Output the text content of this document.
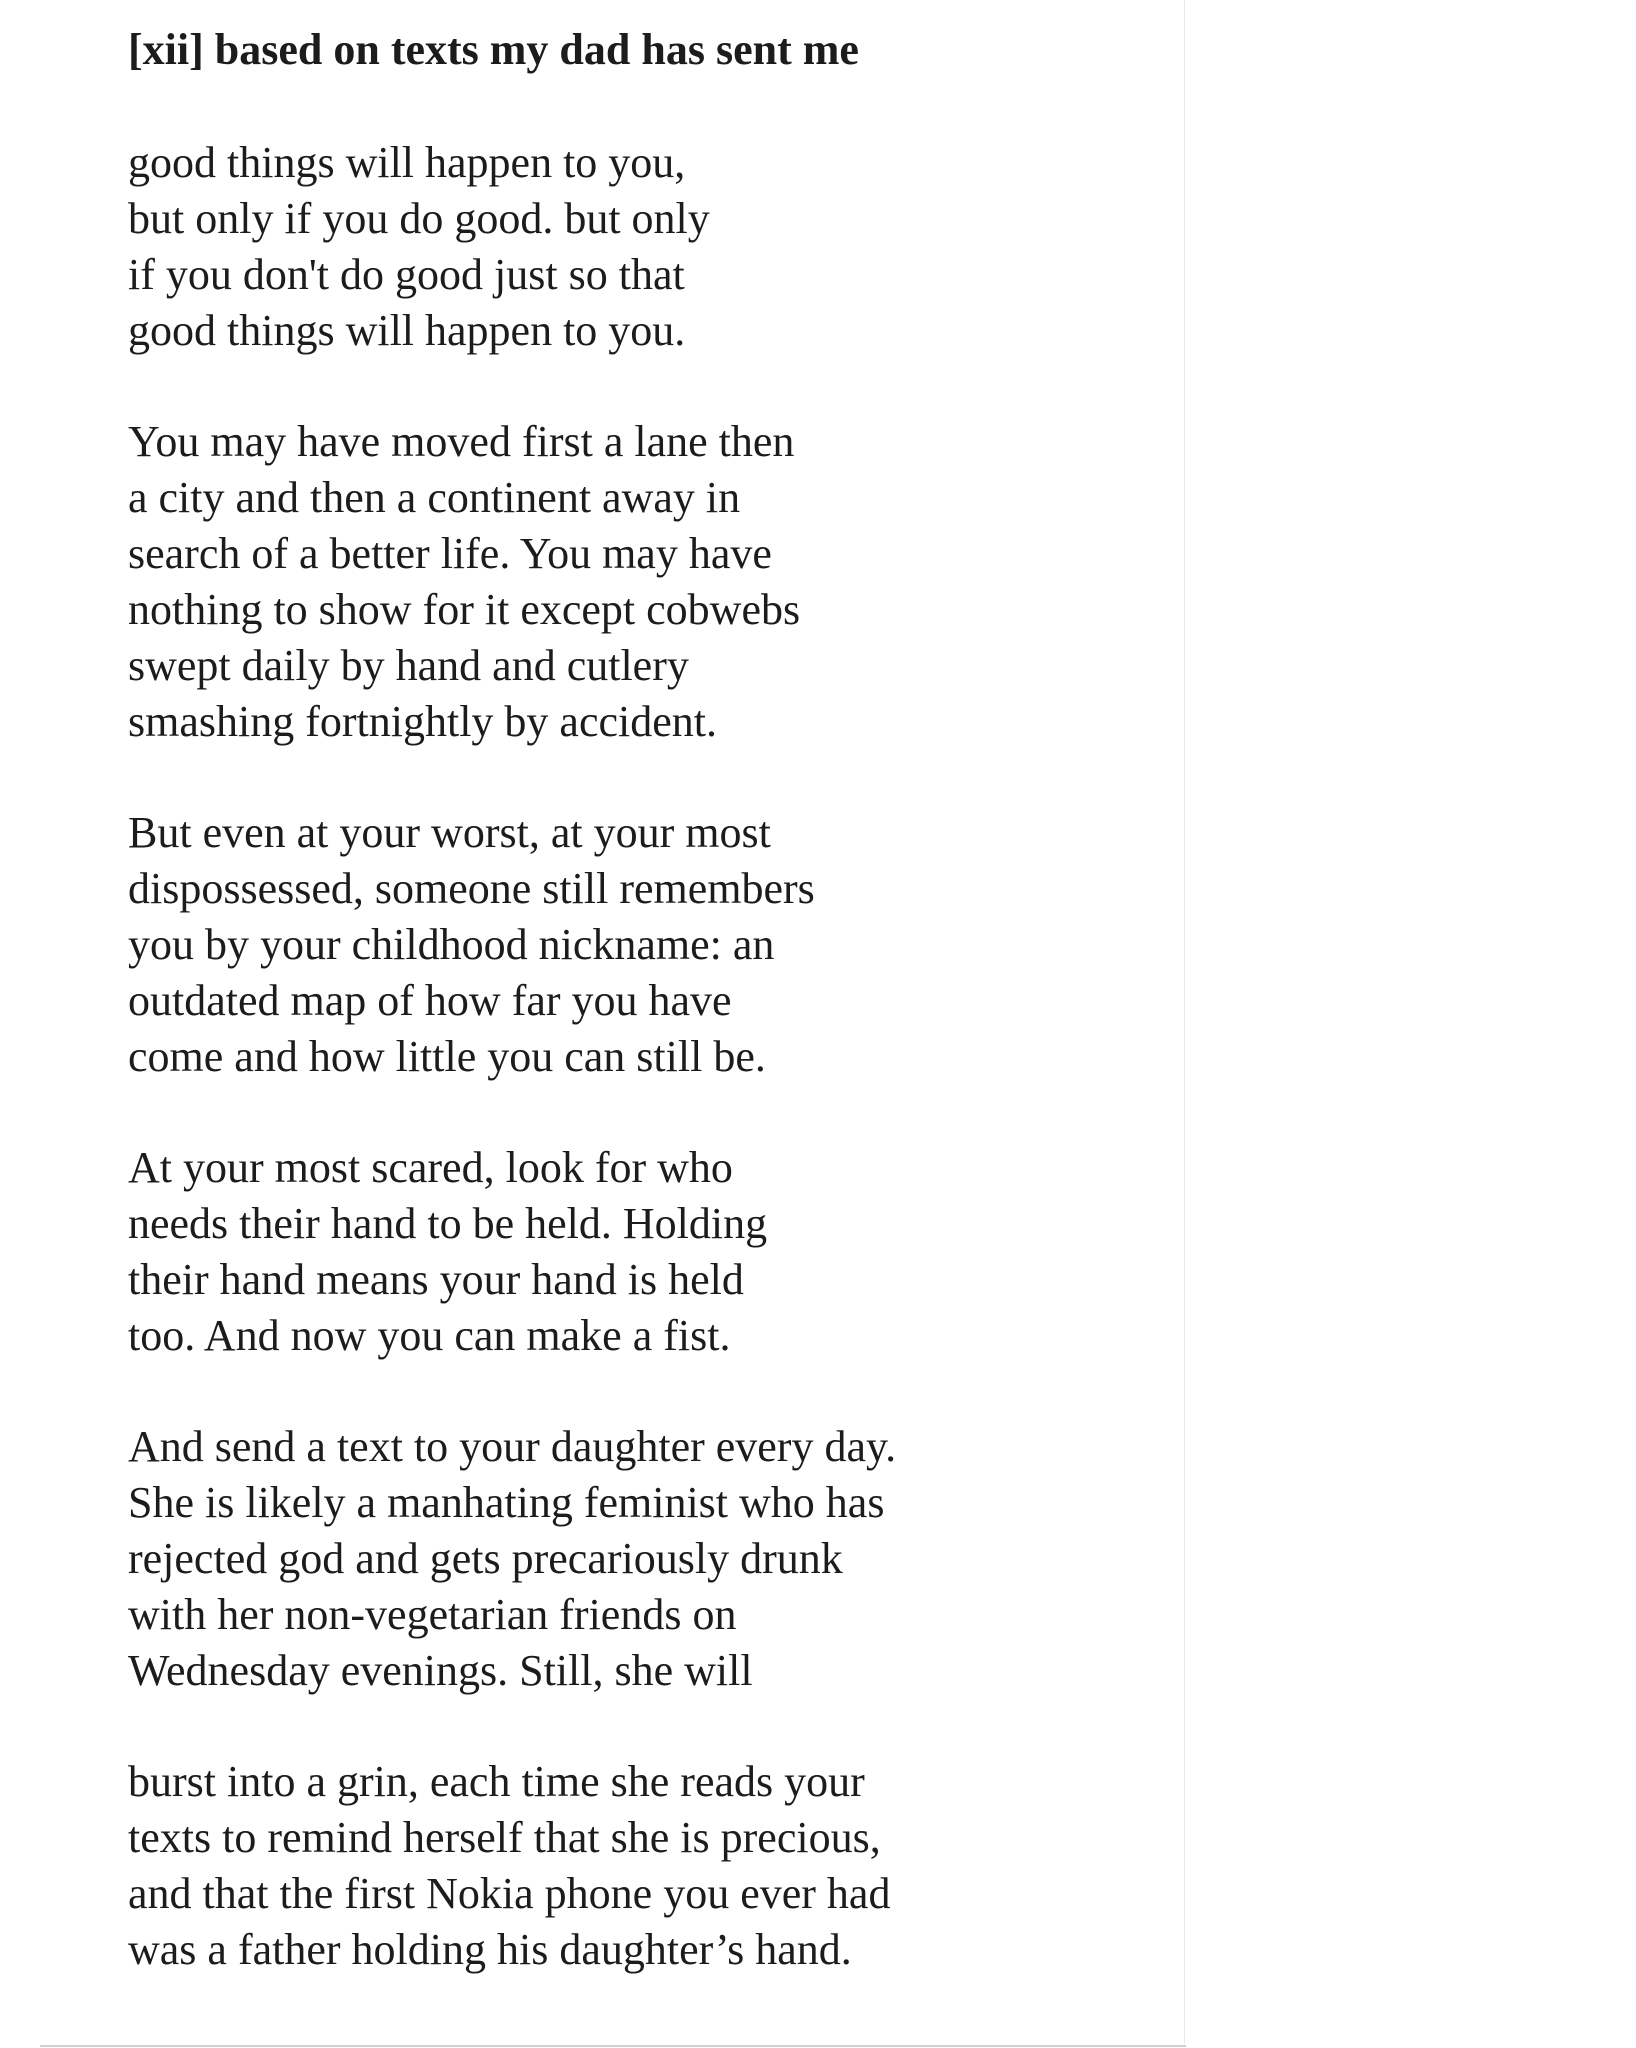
[xii] based on texts my dad has sent me

good things will happen to you,
but only if you do good. but only
if you don't do good just so that
good things will happen to you.

You may have moved first a lane then
a city and then a continent away in
search of a better life. You may have
nothing to show for it except cobwebs
swept daily by hand and cutlery
smashing fortnightly by accident.

But even at your worst, at your most
dispossessed, someone still remembers
you by your childhood nickname: an
outdated map of how far you have
come and how little you can still be.

At your most scared, look for who
needs their hand to be held. Holding
their hand means your hand is held
too. And now you can make a fist.

And send a text to your daughter every day.
She is likely a manhating feminist who has
rejected god and gets precariously drunk
with her non-vegetarian friends on
Wednesday evenings. Still, she will

burst into a grin, each time she reads your
texts to remind herself that she is precious,
and that the first Nokia phone you ever had
was a father holding his daughter’s hand.
